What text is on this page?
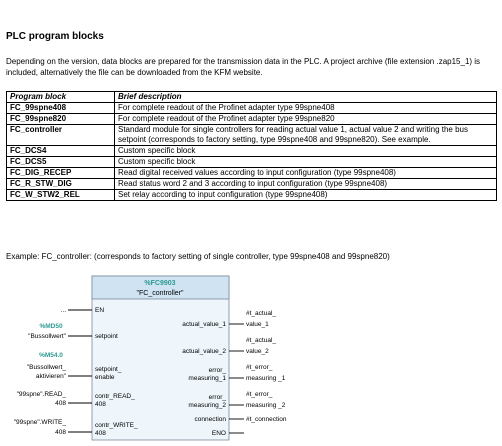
PLC program blocks
Depending on the version, data blocks are prepared for the transmission data in the PLC. A project archive (file extension .zap15_1) is included, alternatively the file can be downloaded from the KFM website.
Program block	Brief description
FC_99spne408	For complete readout of the Profinet adapter type 99spne408
FC_99spne820	For complete readout of the Profinet adapter type 99spne820
FC_controller	Standard module for single controllers for reading actual value 1, actual value 2 and writing the bus setpoint (corresponds to factory setting, type 99spne408 and 99spne820). See example.
FC_DCS4	Custom specific block
FC_DCS5	Custom specific block
FC_DIG_RECEP	Read digital received values according to input configuration (type 99spne408)
FC_R_STW_DIG	Read status word 2 and 3 according to input configuration (type 99spne408)
FC_W_STW2_REL	Set relay according to input configuration (type 99spne408)
Example: FC_controller: (corresponds to factory setting of single controller, type 99spne408 and 99spne820)
%FC9903
"FC_controller"
EN
setpoint
setpoint_
enable
contr_READ_
408
contr_WRITE_
408
...
%MD50
"Bussollwert"
%M54.0
"Bussollwert_
aktivieren"
"99spne".READ_
408
"99spne".WRITE_
408
actual_value_1
actual_value_2
error_
measuring_1
error_
measuring_2
connection
ENO
#t_actual_
value_1
#t_actual_
value_2
#t_error_
measuring _1
#t_error_
measuring _2
#t_connection
